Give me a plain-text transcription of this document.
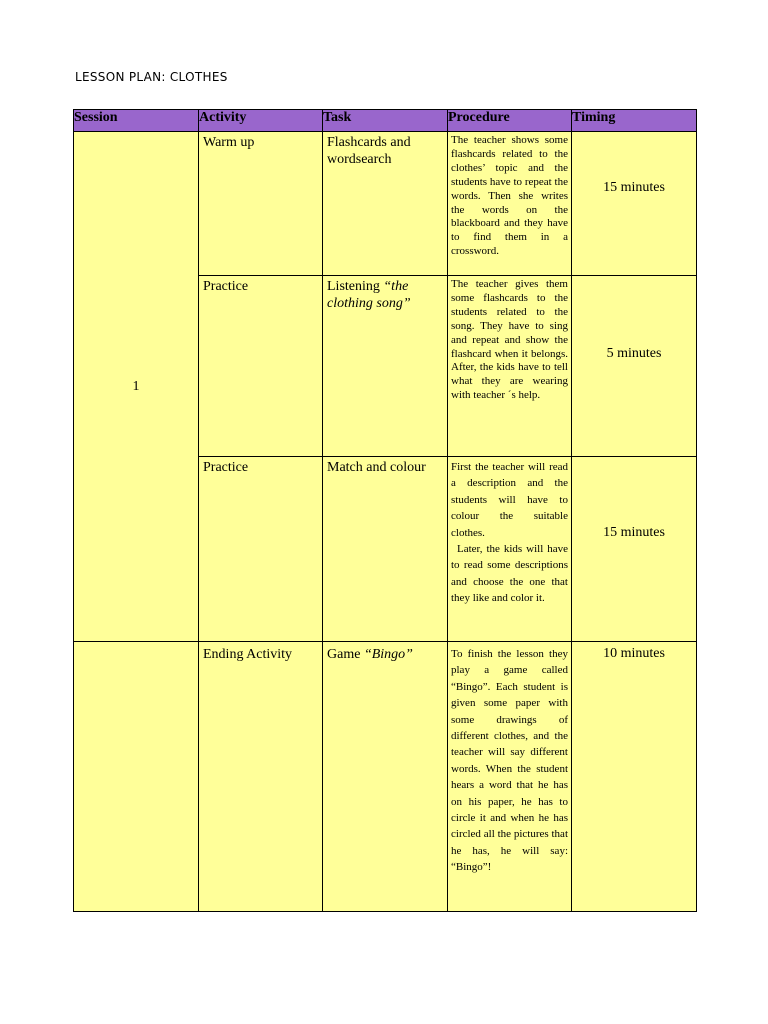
LESSON PLAN: CLOTHES
Session	Activity	Task	Procedure	Timing
1	Warm up	Flashcards and wordsearch	The teacher shows some flashcards related to the clothes’ topic and the students have to repeat the words. Then she writes the words on the blackboard and they have to find them in a crossword.	15 minutes

	Practice	Listening “the clothing song”	The teacher gives them some flashcards to the students related to the song. They have to sing and repeat and show the flashcard when it belongs. After, the kids have to tell what they are wearing with teacher ´s help.	5 minutes

	Practice	Match and colour	First the teacher will read a description and the students will have to colour the suitable clothes.
Later, the kids will have to read some descriptions and choose the one that they like and color it.	15 minutes

	Ending Activity	Game “Bingo”	To finish the lesson they play a game called “Bingo”. Each student is given some paper with some drawings of different clothes, and the teacher will say different words. When the student hears a word that he has on his paper, he has to circle it and when he has circled all the pictures that he has, he will say: “Bingo”!	10 minutes
